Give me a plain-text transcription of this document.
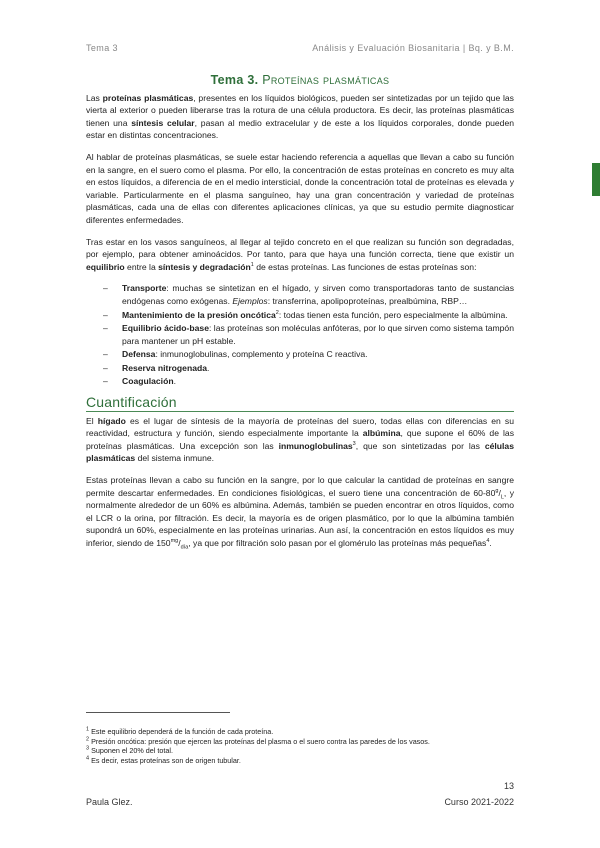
Tema 3	Análisis y Evaluación Biosanitaria | Bq. y B.M.
Tema 3. Proteínas plasmáticas

Las proteínas plasmáticas, presentes en los líquidos biológicos, pueden ser sintetizadas por un tejido que las vierta al exterior o pueden liberarse tras la rotura de una célula productora. Es decir, las proteínas plasmáticas tienen una síntesis celular, pasan al medio extracelular y de este a los líquidos corporales, donde pueden estar en distintas concentraciones.

Al hablar de proteínas plasmáticas, se suele estar haciendo referencia a aquellas que llevan a cabo su función en la sangre, en el suero como el plasma. Por ello, la concentración de estas proteínas en concreto es muy alta en estos líquidos, a diferencia de en el medio intersticial, donde la concentración total de proteínas es elevada y variable. Particularmente en el plasma sanguíneo, hay una gran concentración y variedad de proteínas plasmáticas, cada una de ellas con diferentes aplicaciones clínicas, ya que su estudio permite diagnosticar diferentes enfermedades.

Tras estar en los vasos sanguíneos, al llegar al tejido concreto en el que realizan su función son degradadas, por ejemplo, para obtener aminoácidos. Por tanto, para que haya una función correcta, tiene que existir un equilibrio entre la síntesis y degradación$^1$ de estas proteínas. Las funciones de estas proteínas son:

– Transporte: muchas se sintetizan en el hígado, y sirven como transportadoras tanto de sustancias endógenas como exógenas. Ejemplos: transferrina, apolipoproteínas, prealbúmina, RBP…
– Mantenimiento de la presión oncótica$^2$: todas tienen esta función, pero especialmente la albúmina.
– Equilibrio ácido-base: las proteínas son moléculas anfóteras, por lo que sirven como sistema tampón para mantener un pH estable.
– Defensa: inmunoglobulinas, complemento y proteína C reactiva.
– Reserva nitrogenada.
– Coagulación.
Cuantificación

El hígado es el lugar de síntesis de la mayoría de proteínas del suero, todas ellas con diferencias en su reactividad, estructura y función, siendo especialmente importante la albúmina, que supone el 60% de las proteínas plasmáticas. Una excepción son las inmunoglobulinas$^3$, que son sintetizadas por las células plasmáticas del sistema inmune.

Estas proteínas llevan a cabo su función en la sangre, por lo que calcular la cantidad de proteínas en sangre permite descartar enfermedades. En condiciones fisiológicas, el suero tiene una concentración de $60-80^g/_L$, y normalmente alrededor de un 60% es albúmina. Además, también se pueden encontrar en otros líquidos, como el LCR o la orina, por filtración. Es decir, la mayoría es de origen plasmático, por lo que la albúmina también supondrá un 60%, especialmente en las proteínas urinarias. Aun así, la concentración en estos líquidos es muy inferior, siendo de $150^{mg}/_{día}$, ya que por filtración solo pasan por el glomérulo las proteínas más pequeñas$^4$.

$^1$ Este equilibrio dependerá de la función de cada proteína.

$^2$ Presión oncótica: presión que ejercen las proteínas del plasma o el suero contra las paredes de los vasos.

$^3$ Suponen el 20% del total.

$^4$ Es decir, estas proteínas son de origen tubular.

13
Paula Glez.	Curso 2021-2022
